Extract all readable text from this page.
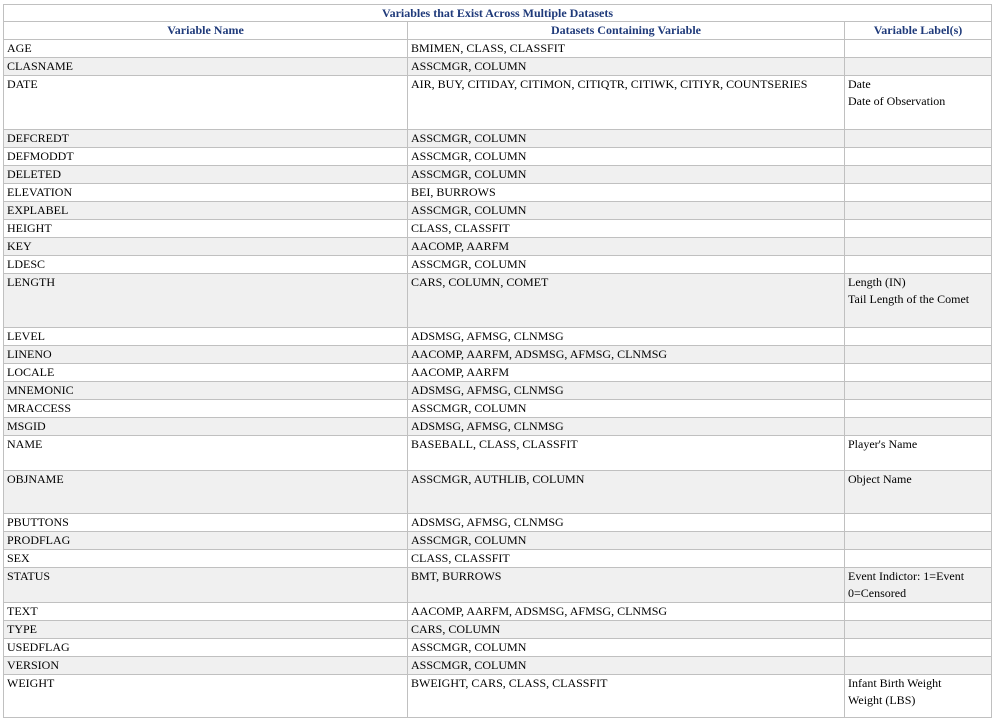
Variables that Exist Across Multiple Datasets		
Variable Name	Datasets Containing Variable	Variable Label(s)
AGE	BMIMEN, CLASS, CLASSFIT	
CLASNAME	ASSCMGR, COLUMN	
DATE	AIR, BUY, CITIDAY, CITIMON, CITIQTR, CITIWK, CITIYR, COUNTSERIES	Date
Date of Observation

DEFCREDT	ASSCMGR, COLUMN	
DEFMODDT	ASSCMGR, COLUMN	
DELETED	ASSCMGR, COLUMN	
ELEVATION	BEI, BURROWS	
EXPLABEL	ASSCMGR, COLUMN	
HEIGHT	CLASS, CLASSFIT	
KEY	AACOMP, AARFM	
LDESC	ASSCMGR, COLUMN	
LENGTH	CARS, COLUMN, COMET	Length (IN)
Tail Length of the Comet

LEVEL	ADSMSG, AFMSG, CLNMSG	
LINENO	AACOMP, AARFM, ADSMSG, AFMSG, CLNMSG	
LOCALE	AACOMP, AARFM	
MNEMONIC	ADSMSG, AFMSG, CLNMSG	
MRACCESS	ASSCMGR, COLUMN	
MSGID	ADSMSG, AFMSG, CLNMSG	
NAME	BASEBALL, CLASS, CLASSFIT	Player's Name

OBJNAME	ASSCMGR, AUTHLIB, COLUMN	Object Name

PBUTTONS	ADSMSG, AFMSG, CLNMSG	
PRODFLAG	ASSCMGR, COLUMN	
SEX	CLASS, CLASSFIT	
STATUS	BMT, BURROWS	Event Indictor: 1=Event
0=Censored

TEXT	AACOMP, AARFM, ADSMSG, AFMSG, CLNMSG	
TYPE	CARS, COLUMN	
USEDFLAG	ASSCMGR, COLUMN	
VERSION	ASSCMGR, COLUMN	
WEIGHT	BWEIGHT, CARS, CLASS, CLASSFIT	Infant Birth Weight
Weight (LBS)
